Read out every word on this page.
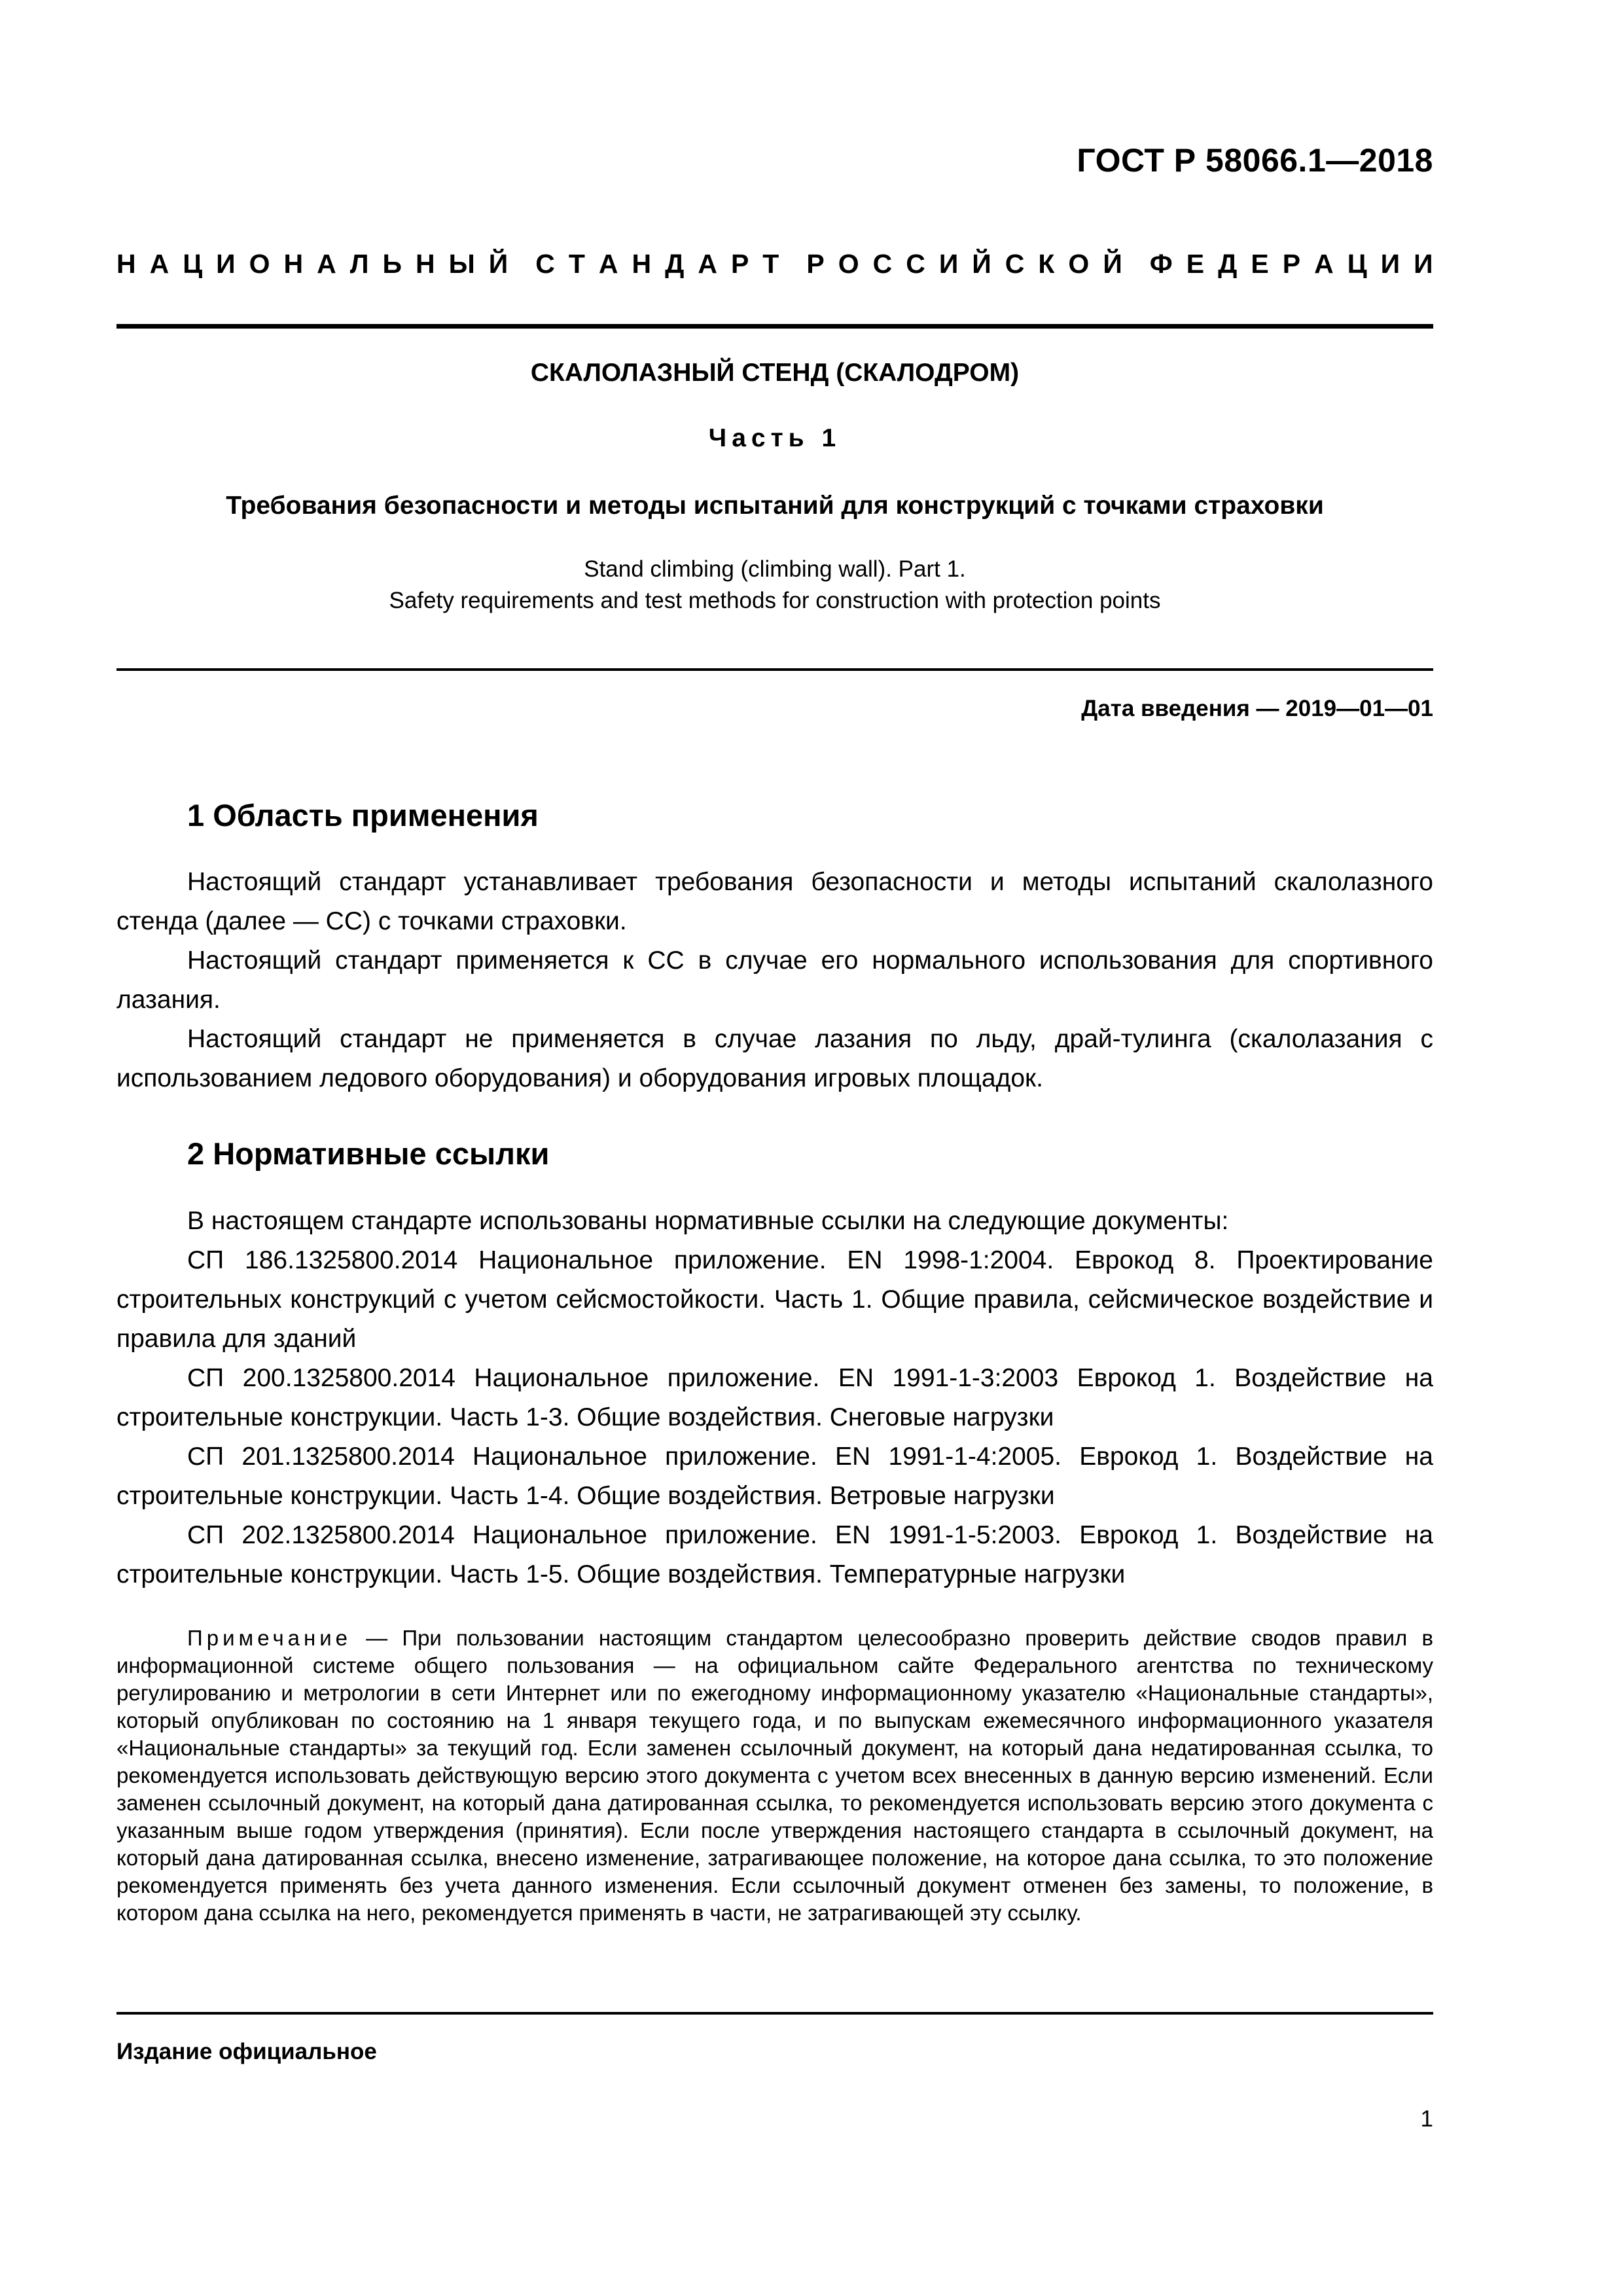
ГОСТ Р 58066.1—2018
Н А Ц И О Н А Л Ь Н Ы Й С Т А Н Д А Р Т Р О С С И Й С К О Й Ф Е Д Е Р А Ц И И
СКАЛОЛАЗНЫЙ СТЕНД (СКАЛОДРОМ)
Часть 1
Требования безопасности и методы испытаний для конструкций с точками страховки
Stand climbing (climbing wall). Part 1.
Safety requirements and test methods for construction with protection points
Дата введения — 2019—01—01
1 Область применения
Настоящий стандарт устанавливает требования безопасности и методы испытаний скалолазного стенда (далее — СС) с точками страховки.
Настоящий стандарт применяется к СС в случае его нормального использования для спортивного лазания.
Настоящий стандарт не применяется в случае лазания по льду, драй-тулинга (скалолазания с использованием ледового оборудования) и оборудования игровых площадок.
2 Нормативные ссылки
В настоящем стандарте использованы нормативные ссылки на следующие документы:
СП 186.1325800.2014 Национальное приложение. EN 1998-1:2004. Еврокод 8. Проектирование строительных конструкций с учетом сейсмостойкости. Часть 1. Общие правила, сейсмическое воздействие и правила для зданий
СП 200.1325800.2014 Национальное приложение. EN 1991-1-3:2003 Еврокод 1. Воздействие на строительные конструкции. Часть 1-3. Общие воздействия. Снеговые нагрузки
СП 201.1325800.2014 Национальное приложение. EN 1991-1-4:2005. Еврокод 1. Воздействие на строительные конструкции. Часть 1-4. Общие воздействия. Ветровые нагрузки
СП 202.1325800.2014 Национальное приложение. EN 1991-1-5:2003. Еврокод 1. Воздействие на строительные конструкции. Часть 1-5. Общие воздействия. Температурные нагрузки
Примечание — При пользовании настоящим стандартом целесообразно проверить действие сводов правил в информационной системе общего пользования — на официальном сайте Федерального агентства по техническому регулированию и метрологии в сети Интернет или по ежегодному информационному указателю «Национальные стандарты», который опубликован по состоянию на 1 января текущего года, и по выпускам ежемесячного информационного указателя «Национальные стандарты» за текущий год. Если заменен ссылочный документ, на который дана недатированная ссылка, то рекомендуется использовать действующую версию этого документа с учетом всех внесенных в данную версию изменений. Если заменен ссылочный документ, на который дана датированная ссылка, то рекомендуется использовать версию этого документа с указанным выше годом утверждения (принятия). Если после утверждения настоящего стандарта в ссылочный документ, на который дана датированная ссылка, внесено изменение, затрагивающее положение, на которое дана ссылка, то это положение рекомендуется применять без учета данного изменения. Если ссылочный документ отменен без замены, то положение, в котором дана ссылка на него, рекомендуется применять в части, не затрагивающей эту ссылку.
Издание официальное
1
